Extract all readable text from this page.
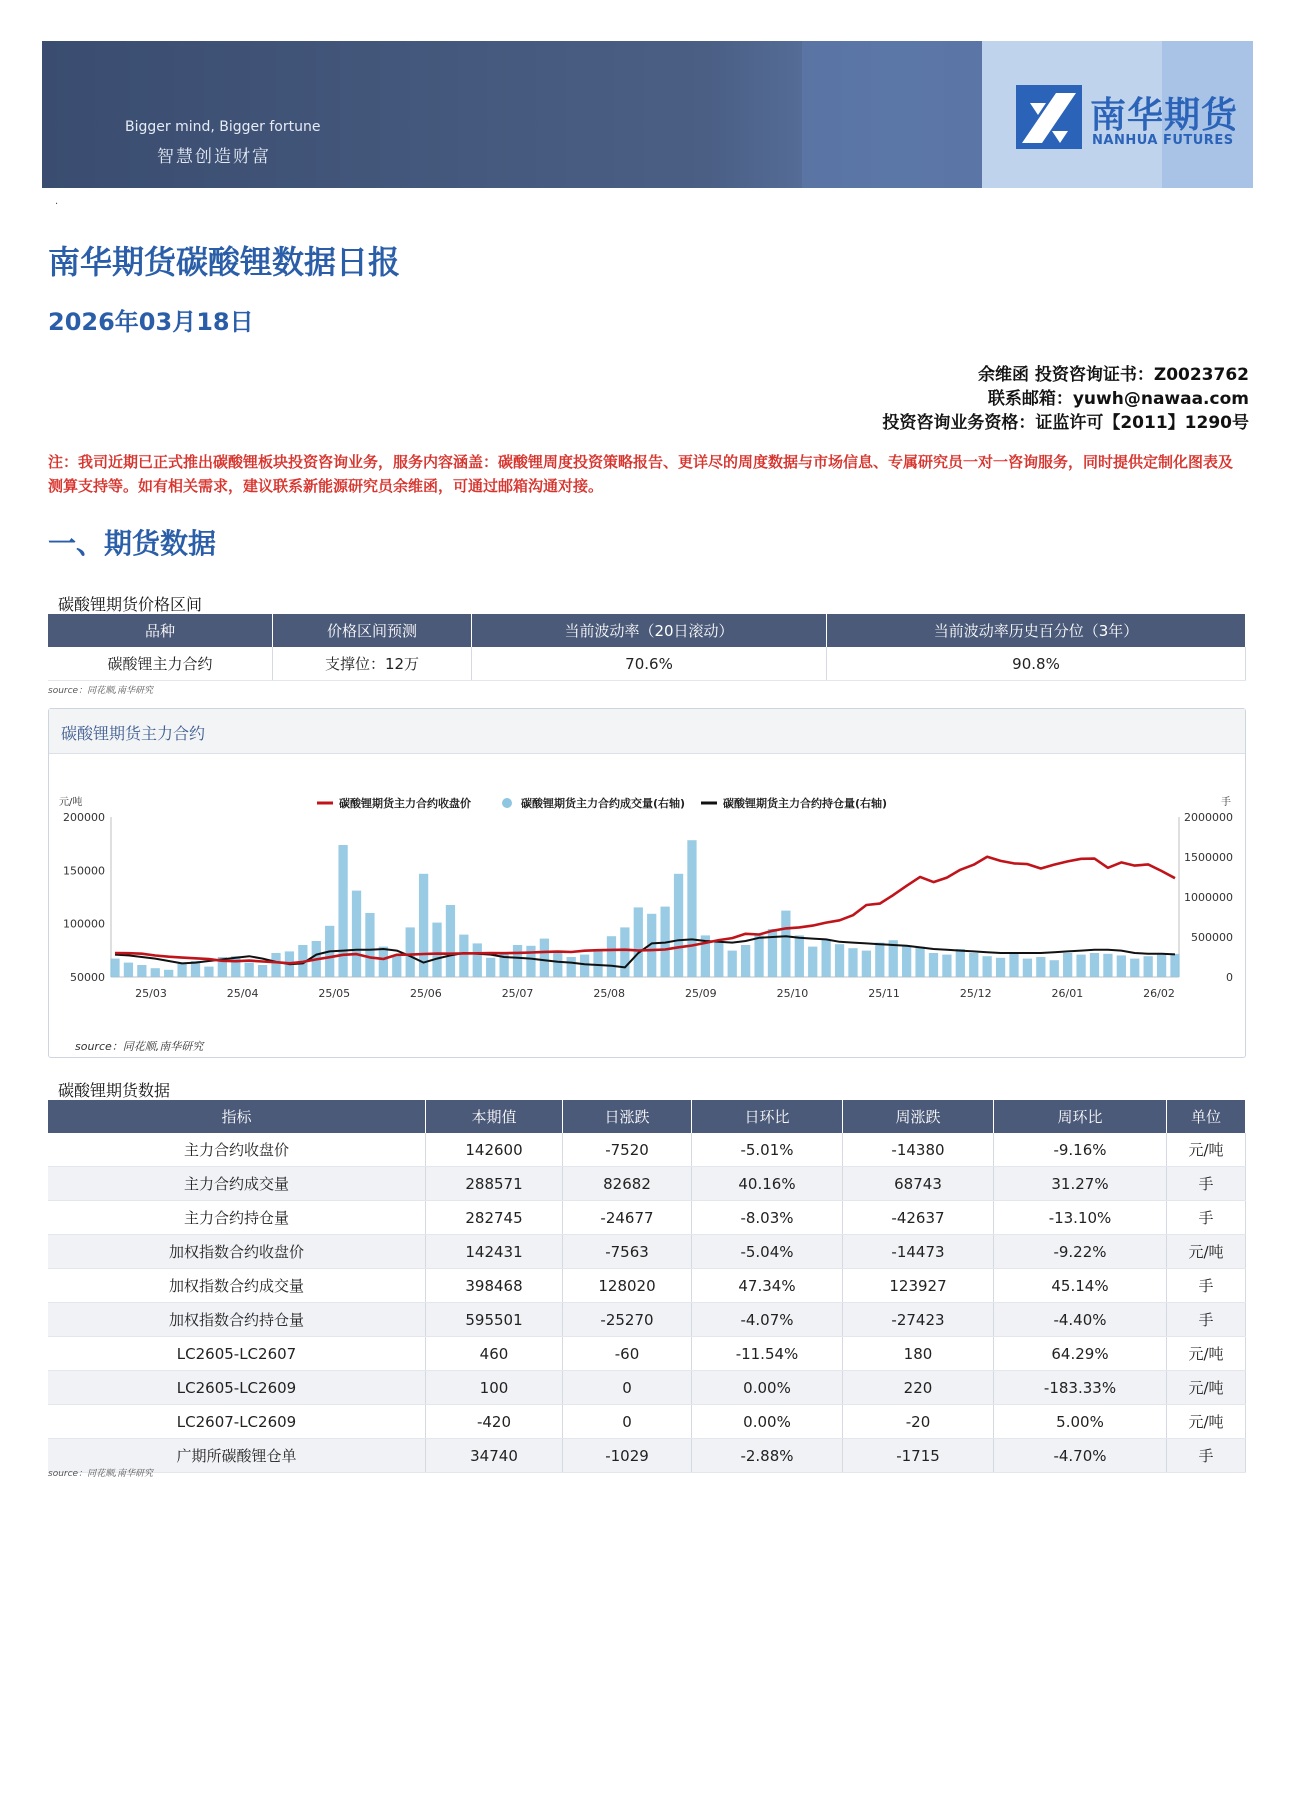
Bigger mind, Bigger fortune
智慧创造财富
南华期货
NANHUA FUTURES
.
南华期货碳酸锂数据日报
2026年03月18日
余维函 投资咨询证书：Z0023762
联系邮箱：yuwh@nawaa.com
投资咨询业务资格：证监许可【2011】1290号
注：我司近期已正式推出碳酸锂板块投资咨询业务，服务内容涵盖：碳酸锂周度投资策略报告、更详尽的周度数据与市场信息、专属研究员一对一咨询服务，同时提供定制化图表及测算支持等。如有相关需求，建议联系新能源研究员余维函，可通过邮箱沟通对接。
一、期货数据
碳酸锂期货价格区间
品种	价格区间预测	当前波动率（20日滚动）	当前波动率历史百分位（3年）
碳酸锂主力合约	支撑位：12万	70.6%	90.8%
source：同花顺,南华研究
碳酸锂期货主力合约
元/吨	手
200000
150000
100000
50000
2000000
1500000
1000000
500000
0
25/03	25/04	25/05	25/06	25/07	25/08	25/09	25/10	25/11	25/12	26/01	26/02
碳酸锂期货主力合约收盘价	碳酸锂期货主力合约成交量(右轴)	碳酸锂期货主力合约持仓量(右轴)
source：同花顺,南华研究
碳酸锂期货数据
指标	本期值	日涨跌	日环比	周涨跌	周环比	单位
主力合约收盘价	142600	-7520	-5.01%	-14380	-9.16%	元/吨
主力合约成交量	288571	82682	40.16%	68743	31.27%	手
主力合约持仓量	282745	-24677	-8.03%	-42637	-13.10%	手
加权指数合约收盘价	142431	-7563	-5.04%	-14473	-9.22%	元/吨
加权指数合约成交量	398468	128020	47.34%	123927	45.14%	手
加权指数合约持仓量	595501	-25270	-4.07%	-27423	-4.40%	手
LC2605-LC2607	460	-60	-11.54%	180	64.29%	元/吨
LC2605-LC2609	100	0	0.00%	220	-183.33%	元/吨
LC2607-LC2609	-420	0	0.00%	-20	5.00%	元/吨
广期所碳酸锂仓单	34740	-1029	-2.88%	-1715	-4.70%	手
source：同花顺,南华研究
